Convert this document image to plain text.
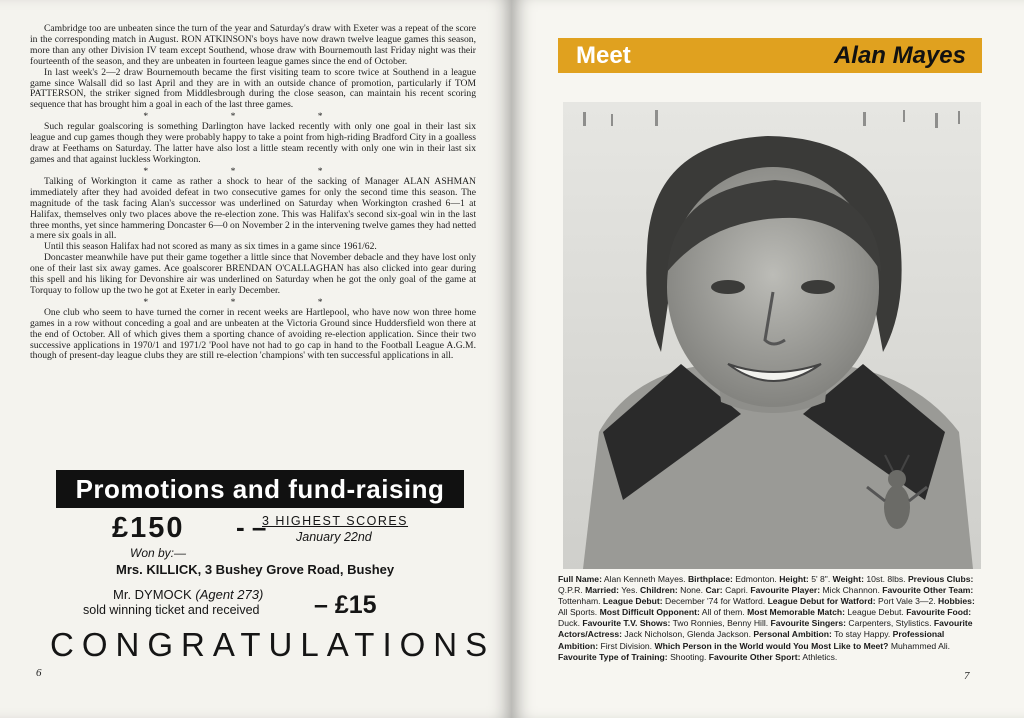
Cambridge too are unbeaten since the turn of the year and Saturday's draw with Exeter was a repeat of the score in the corresponding match in August. RON ATKINSON's boys have now drawn twelve league games this season, more than any other Division IV team except Southend, whose draw with Bournemouth last Friday night was their fourteenth of the season, and they are unbeaten in fourteen league games since the end of October.

In last week's 2—2 draw Bournemouth became the first visiting team to score twice at Southend in a league game since Walsall did so last April and they are in with an outside chance of promotion, particularly if TOM PATTERSON, the striker signed from Middlesbrough during the close season, can maintain his recent scoring sequence that has brought him a goal in each of the last three games.

* * *

Such regular goalscoring is something Darlington have lacked recently with only one goal in their last six league and cup games though they were probably happy to take a point from high-riding Bradford City in a goalless draw at Feethams on Saturday. The latter have also lost a little steam recently with only one win in their last six games and that against luckless Workington.

* * *

Talking of Workington it came as rather a shock to hear of the sacking of Manager ALAN ASHMAN immediately after they had avoided defeat in two consecutive games for only the second time this season. The magnitude of the task facing Alan's successor was underlined on Saturday when Workington crashed 6—1 at Halifax, themselves only two places above the re-election zone. This was Halifax's second six-goal win in the last three months, yet since hammering Doncaster 6—0 on November 2 in the intervening twelve games they had netted a mere six goals in all.

Until this season Halifax had not scored as many as six times in a game since 1961/62.

Doncaster meanwhile have put their game together a little since that November debacle and they have lost only one of their last six away games. Ace goalscorer BRENDAN O'CALLAGHAN has also clicked into gear during this spell and his liking for Devonshire air was underlined on Saturday when he got the only goal of the game at Torquay to follow up the two he got at Exeter in early December.

* * *

One club who seem to have turned the corner in recent weeks are Hartlepool, who have now won three home games in a row without conceding a goal and are unbeaten at the Victoria Ground since Huddersfield won there at the end of October. All of which gives them a sporting chance of avoiding re-election application. Since their two successive applications in 1970/1 and 1971/2 'Pool have not had to go cap in hand to the Football League A.G.M. though of present-day league clubs they are still re-election 'champions' with ten successful applications in all.

Promotions and fund-raising
£150 - –
3 HIGHEST SCORES
January 22nd
Won by:—
Mrs. KILLICK, 3 Bushey Grove Road, Bushey
Mr. DYMOCK (Agent 273)
sold winning ticket and received – £15
CONGRATULATIONS
6
Meet	Alan Mayes
Full Name: Alan Kenneth Mayes. Birthplace: Edmonton. Height: 5' 8". Weight: 10st. 8lbs. Previous Clubs: Q.P.R. Married: Yes. Children: None. Car: Capri. Favourite Player: Mick Channon. Favourite Other Team: Tottenham. League Debut: December '74 for Watford. League Debut for Watford: Port Vale 3—2. Hobbies: All Sports. Most Difficult Opponent: All of them. Most Memorable Match: League Debut. Favourite Food: Duck. Favourite T.V. Shows: Two Ronnies, Benny Hill. Favourite Singers: Carpenters, Stylistics. Favourite Actors/Actress: Jack Nicholson, Glenda Jackson. Personal Ambition: To stay Happy. Professional Ambition: First Division. Which Person in the World would You Most Like to Meet? Muhammed Ali. Favourite Type of Training: Shooting. Favourite Other Sport: Athletics.
7
